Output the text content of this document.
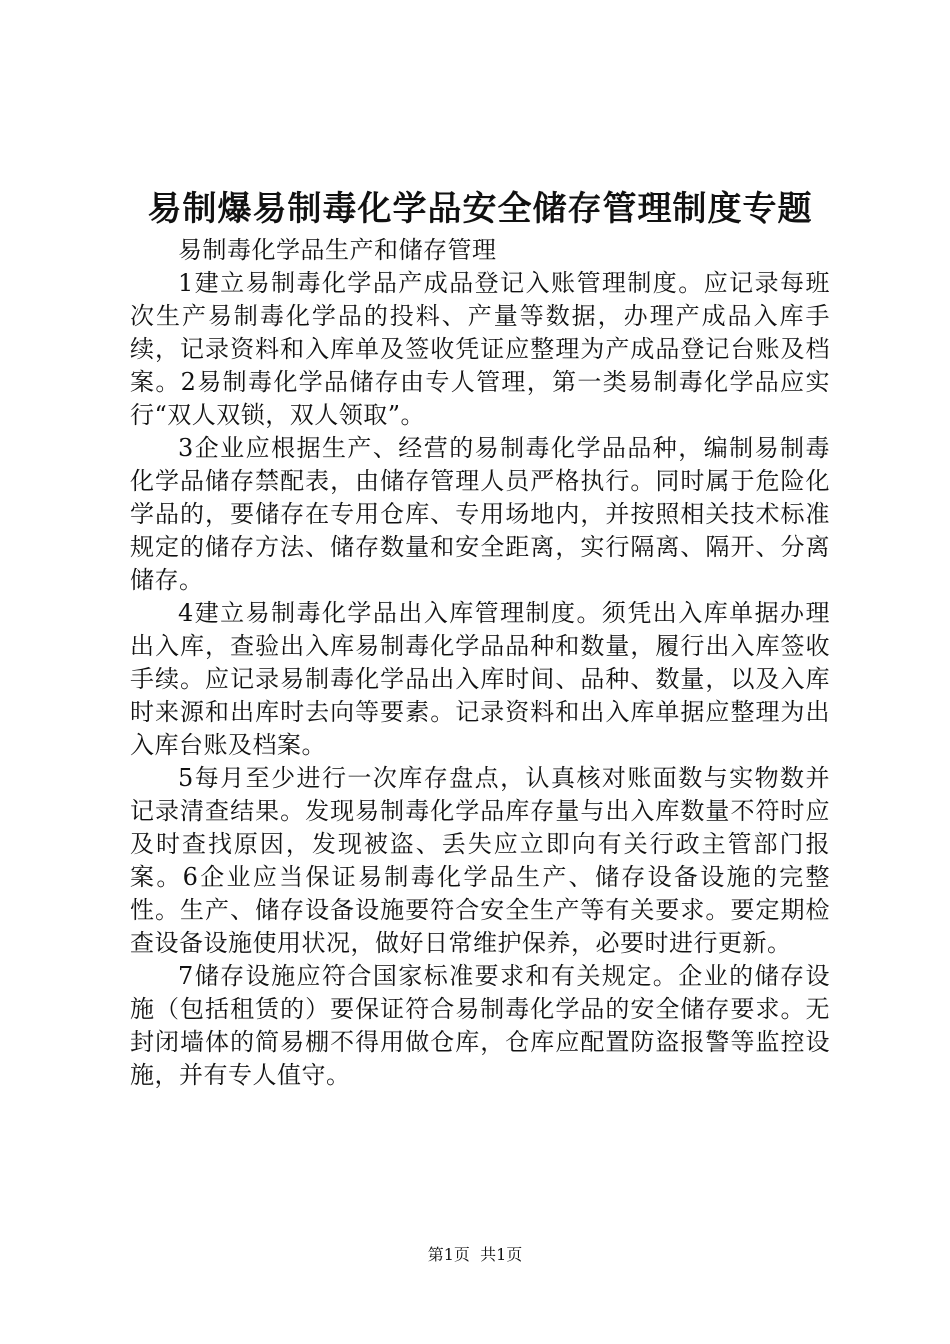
易制爆易制毒化学品安全储存管理制度专题

易制毒化学品生产和储存管理

1建立易制毒化学品产成品登记入账管理制度。应记录每班次生产易制毒化学品的投料、产量等数据，办理产成品入库手续，记录资料和入库单及签收凭证应整理为产成品登记台账及档案。2易制毒化学品储存由专人管理，第一类易制毒化学品应实行“双人双锁，双人领取”。

3企业应根据生产、经营的易制毒化学品品种，编制易制毒化学品储存禁配表，由储存管理人员严格执行。同时属于危险化学品的，要储存在专用仓库、专用场地内，并按照相关技术标准规定的储存方法、储存数量和安全距离，实行隔离、隔开、分离储存。

4建立易制毒化学品出入库管理制度。须凭出入库单据办理出入库，查验出入库易制毒化学品品种和数量，履行出入库签收手续。应记录易制毒化学品出入库时间、品种、数量，以及入库时来源和出库时去向等要素。记录资料和出入库单据应整理为出入库台账及档案。

5每月至少进行一次库存盘点，认真核对账面数与实物数并记录清查结果。发现易制毒化学品库存量与出入库数量不符时应及时查找原因，发现被盗、丢失应立即向有关行政主管部门报案。6企业应当保证易制毒化学品生产、储存设备设施的完整性。生产、储存设备设施要符合安全生产等有关要求。要定期检查设备设施使用状况，做好日常维护保养，必要时进行更新。

7储存设施应符合国家标准要求和有关规定。企业的储存设施（包括租赁的）要保证符合易制毒化学品的安全储存要求。无封闭墙体的简易棚不得用做仓库，仓库应配置防盗报警等监控设施，并有专人值守。

第1页  共1页
